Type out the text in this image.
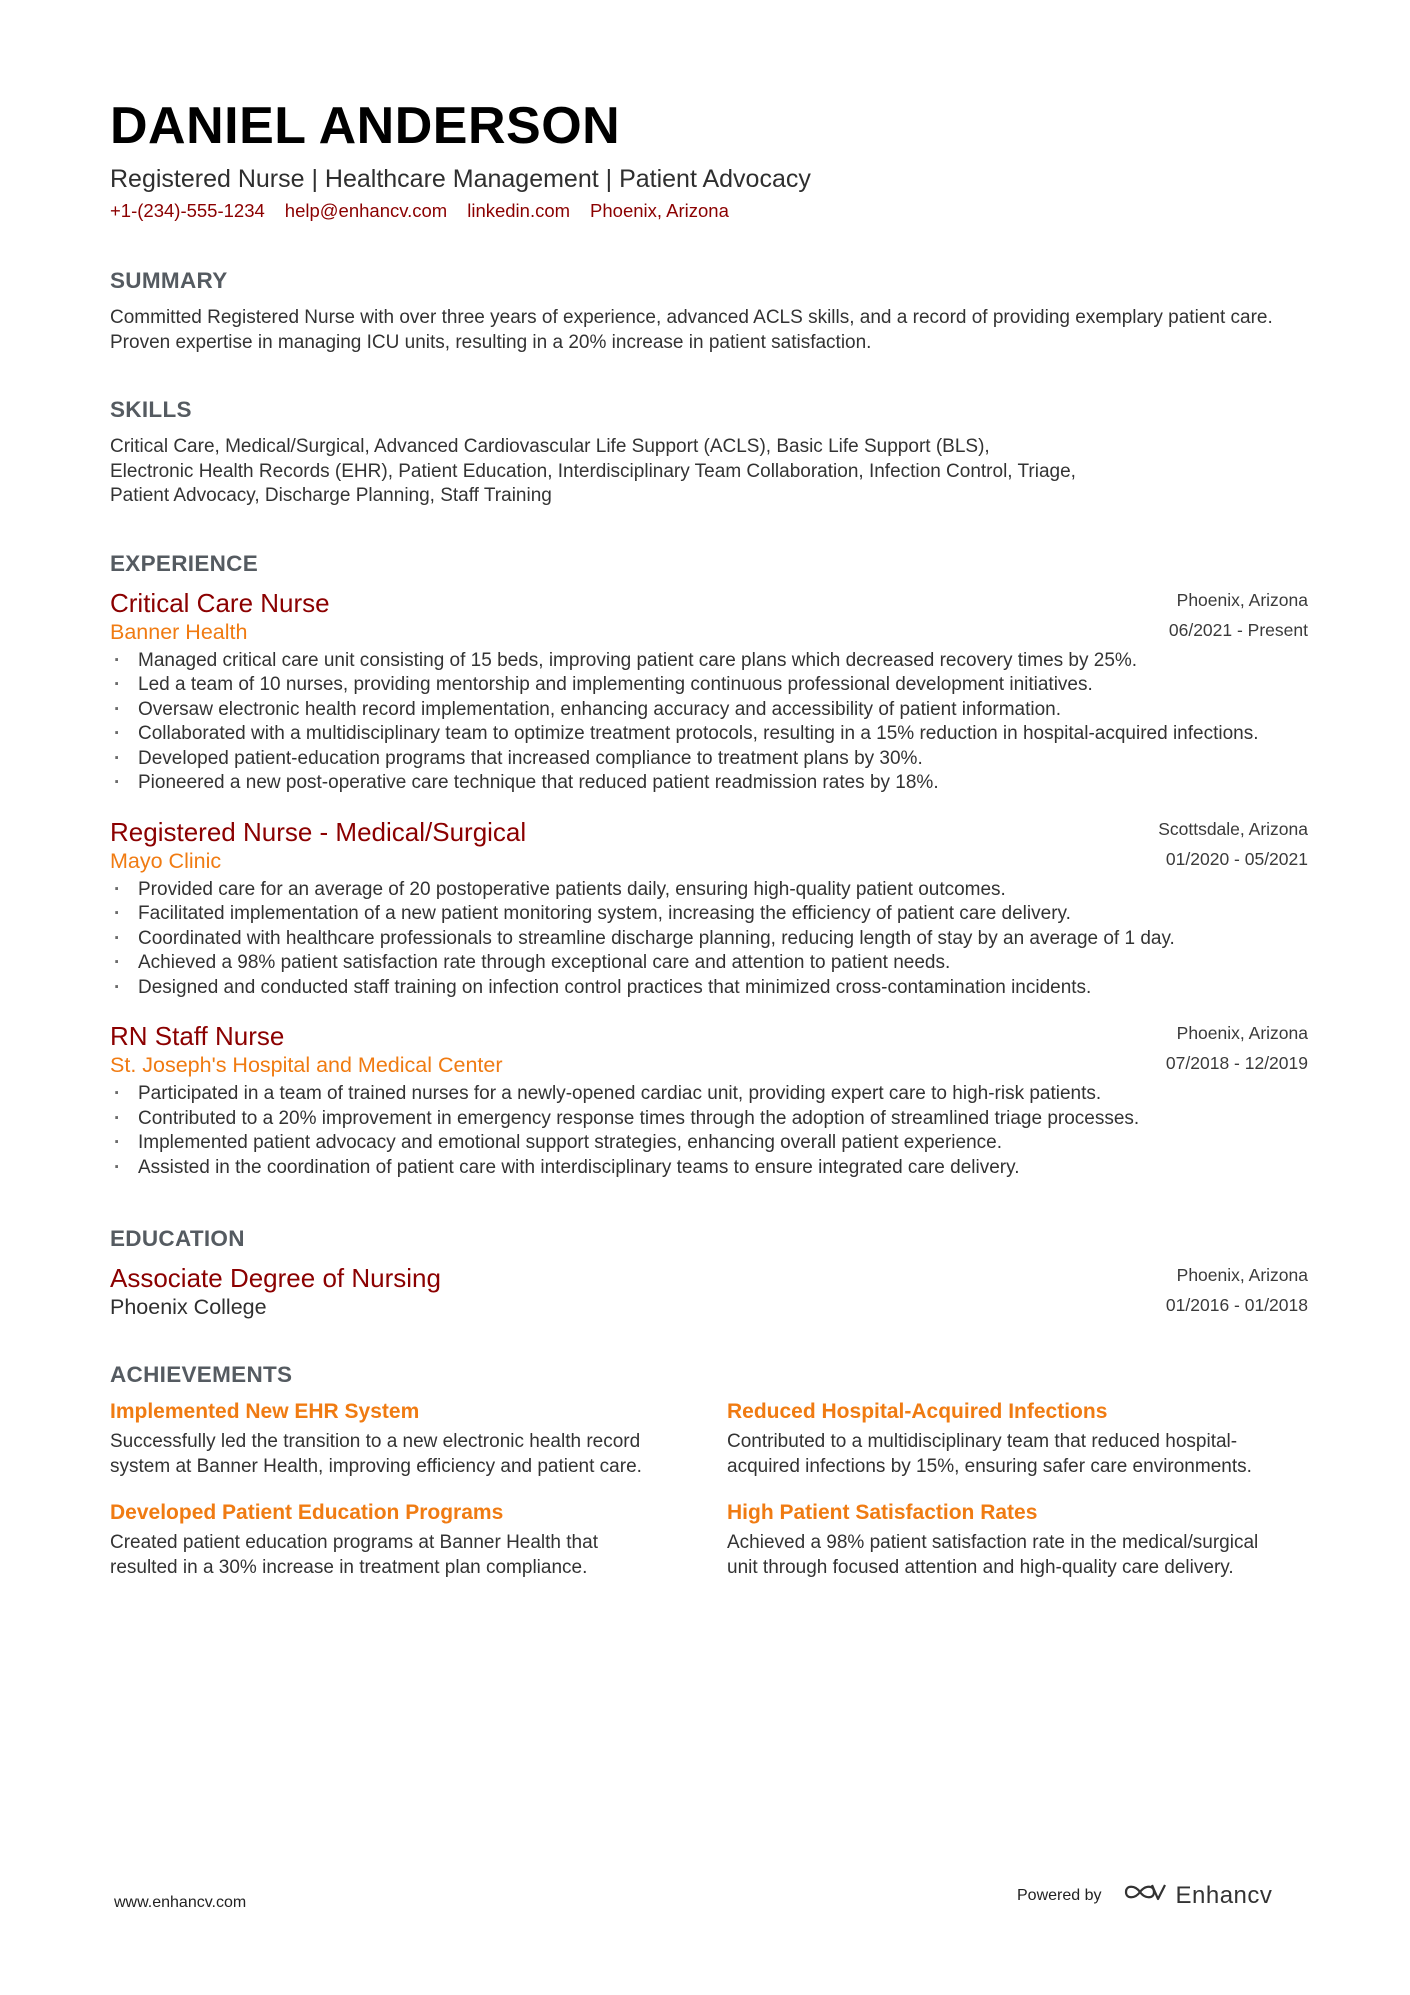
DANIEL ANDERSON
Registered Nurse | Healthcare Management | Patient Advocacy
+1-(234)-555-1234 help@enhancv.com linkedin.com Phoenix, Arizona
SUMMARY
Committed Registered Nurse with over three years of experience, advanced ACLS skills, and a record of providing exemplary patient care. Proven expertise in managing ICU units, resulting in a 20% increase in patient satisfaction.
SKILLS
Critical Care, Medical/Surgical, Advanced Cardiovascular Life Support (ACLS), Basic Life Support (BLS),
Electronic Health Records (EHR), Patient Education, Interdisciplinary Team Collaboration, Infection Control, Triage,
Patient Advocacy, Discharge Planning, Staff Training
EXPERIENCE
Critical Care Nurse
Banner Health
Phoenix, Arizona
06/2021 - Present
· Managed critical care unit consisting of 15 beds, improving patient care plans which decreased recovery times by 25%.
· Led a team of 10 nurses, providing mentorship and implementing continuous professional development initiatives.
· Oversaw electronic health record implementation, enhancing accuracy and accessibility of patient information.
· Collaborated with a multidisciplinary team to optimize treatment protocols, resulting in a 15% reduction in hospital-acquired infections.
· Developed patient-education programs that increased compliance to treatment plans by 30%.
· Pioneered a new post-operative care technique that reduced patient readmission rates by 18%.
Registered Nurse - Medical/Surgical
Mayo Clinic
Scottsdale, Arizona
01/2020 - 05/2021
· Provided care for an average of 20 postoperative patients daily, ensuring high-quality patient outcomes.
· Facilitated implementation of a new patient monitoring system, increasing the efficiency of patient care delivery.
· Coordinated with healthcare professionals to streamline discharge planning, reducing length of stay by an average of 1 day.
· Achieved a 98% patient satisfaction rate through exceptional care and attention to patient needs.
· Designed and conducted staff training on infection control practices that minimized cross-contamination incidents.
RN Staff Nurse
St. Joseph's Hospital and Medical Center
Phoenix, Arizona
07/2018 - 12/2019
· Participated in a team of trained nurses for a newly-opened cardiac unit, providing expert care to high-risk patients.
· Contributed to a 20% improvement in emergency response times through the adoption of streamlined triage processes.
· Implemented patient advocacy and emotional support strategies, enhancing overall patient experience.
· Assisted in the coordination of patient care with interdisciplinary teams to ensure integrated care delivery.
EDUCATION
Associate Degree of Nursing
Phoenix College
Phoenix, Arizona
01/2016 - 01/2018
ACHIEVEMENTS
Implemented New EHR System
Successfully led the transition to a new electronic health record system at Banner Health, improving efficiency and patient care.
Reduced Hospital-Acquired Infections
Contributed to a multidisciplinary team that reduced hospital-acquired infections by 15%, ensuring safer care environments.
Developed Patient Education Programs
Created patient education programs at Banner Health that resulted in a 30% increase in treatment plan compliance.
High Patient Satisfaction Rates
Achieved a 98% patient satisfaction rate in the medical/surgical unit through focused attention and high-quality care delivery.
www.enhancv.com	Powered by	Enhancv
